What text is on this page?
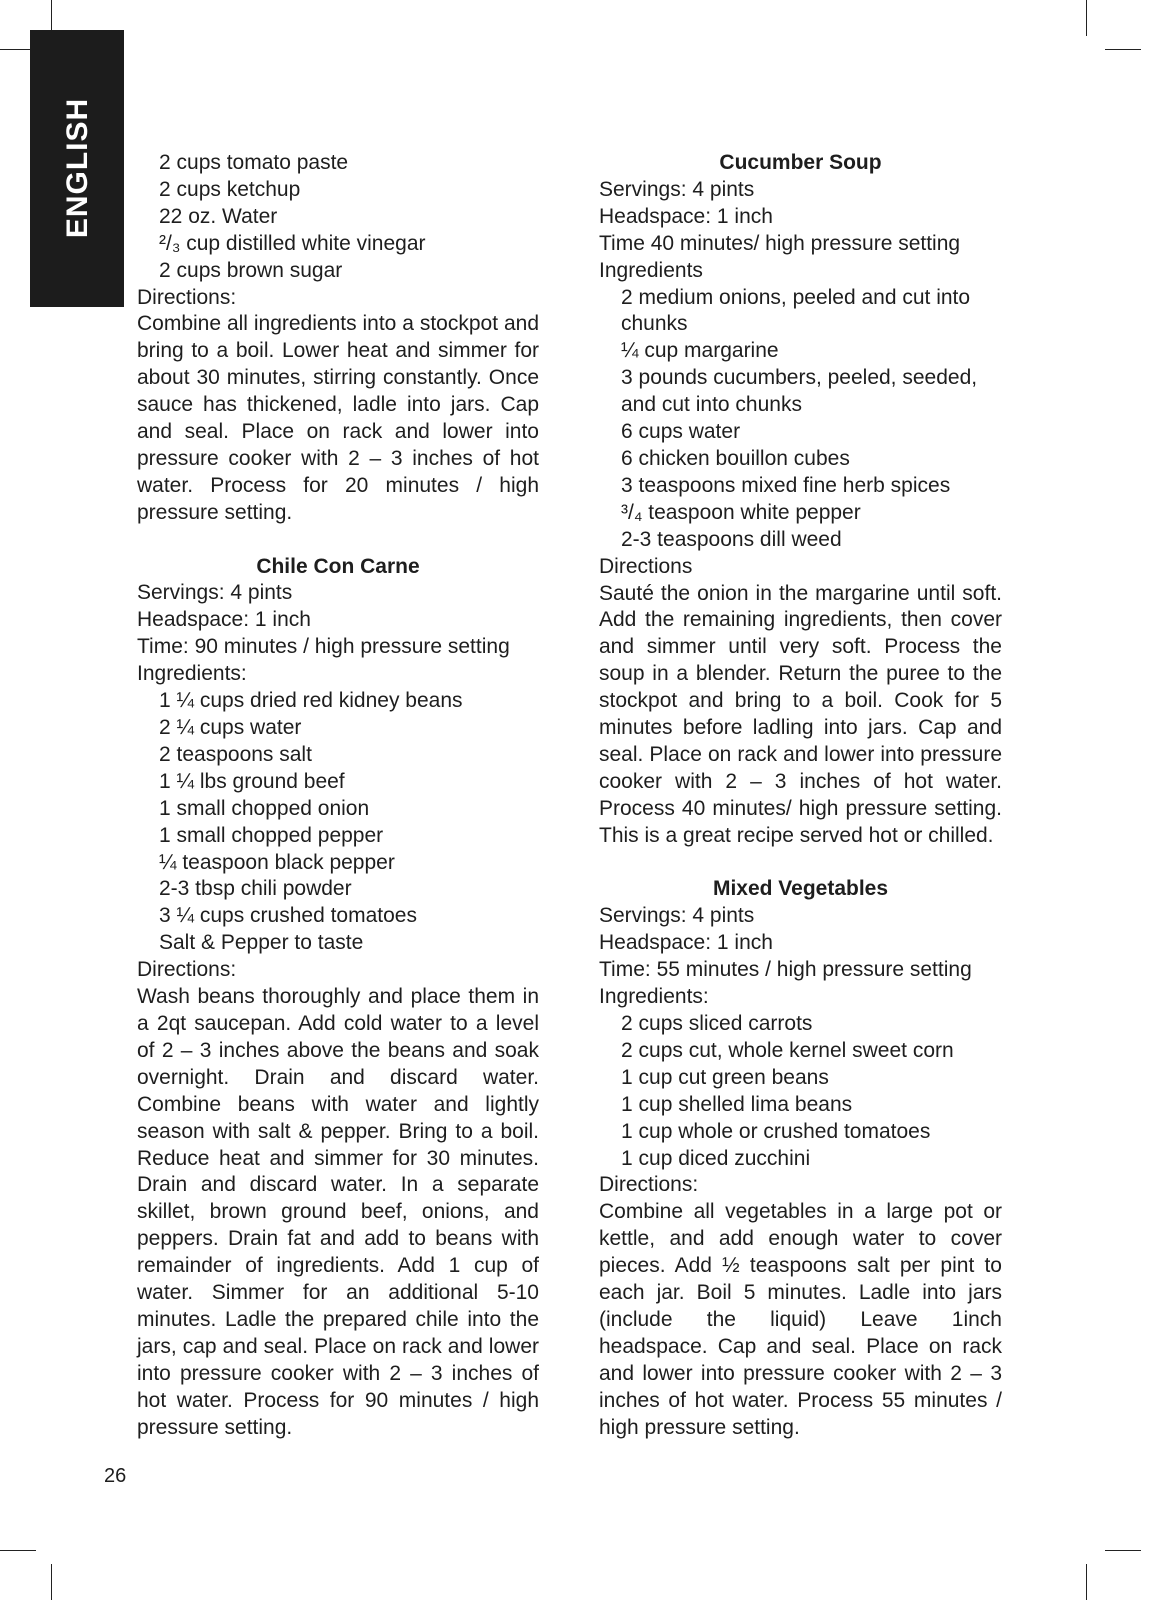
ENGLISH	2 cups tomato paste
2 cups ketchup
22 oz. Water
²/₃ cup distilled white vinegar
2 cups brown sugar
Directions:
Combine all ingredients into a stockpot and bring to a boil. Lower heat and simmer for about 30 minutes, stirring constantly. Once sauce has thickened, ladle into jars. Cap and seal. Place on rack and lower into pressure cooker with 2 – 3 inches of hot water. Process for 20 minutes / high pressure setting.
Chile Con Carne
Servings: 4 pints
Headspace: 1 inch
Time: 90 minutes / high pressure setting
Ingredients:
1 ¼ cups dried red kidney beans
2 ¼ cups water
2 teaspoons salt
1 ¼ lbs ground beef
1 small chopped onion
1 small chopped pepper
¼ teaspoon black pepper
2-3 tbsp chili powder
3 ¼ cups crushed tomatoes
Salt & Pepper to taste
Directions:
Wash beans thoroughly and place them in a 2qt saucepan. Add cold water to a level of 2 – 3 inches above the beans and soak overnight. Drain and discard water. Combine beans with water and lightly season with salt & pepper. Bring to a boil. Reduce heat and simmer for 30 minutes. Drain and discard water. In a separate skillet, brown ground beef, onions, and peppers. Drain fat and add to beans with remainder of ingredients. Add 1 cup of water. Simmer for an additional 5-10 minutes. Ladle the prepared chile into the jars, cap and seal. Place on rack and lower into pressure cooker with 2 – 3 inches of hot water. Process for 90 minutes / high pressure setting.
Cucumber Soup
Servings: 4 pints
Headspace: 1 inch
Time 40 minutes/ high pressure setting
Ingredients
2 medium onions, peeled and cut into
chunks
¼ cup margarine
3 pounds cucumbers, peeled, seeded,
and cut into chunks
6 cups water
6 chicken bouillon cubes
3 teaspoons mixed fine herb spices
³/₄ teaspoon white pepper
2-3 teaspoons dill weed
Directions
Sauté the onion in the margarine until soft. Add the remaining ingredients, then cover and simmer until very soft. Process the soup in a blender. Return the puree to the stockpot and bring to a boil. Cook for 5 minutes before ladling into jars. Cap and seal. Place on rack and lower into pressure cooker with 2 – 3 inches of hot water. Process 40 minutes/ high pressure setting. This is a great recipe served hot or chilled.
Mixed Vegetables
Servings: 4 pints
Headspace: 1 inch
Time: 55 minutes / high pressure setting
Ingredients:
2 cups sliced carrots
2 cups cut, whole kernel sweet corn
1 cup cut green beans
1 cup shelled lima beans
1 cup whole or crushed tomatoes
1 cup diced zucchini
Directions:
Combine all vegetables in a large pot or kettle, and add enough water to cover pieces. Add ½ teaspoons salt per pint to each jar. Boil 5 minutes. Ladle into jars (include the liquid) Leave 1inch headspace. Cap and seal. Place on rack and lower into pressure cooker with 2 – 3 inches of hot water. Process 55 minutes / high pressure setting.
26
